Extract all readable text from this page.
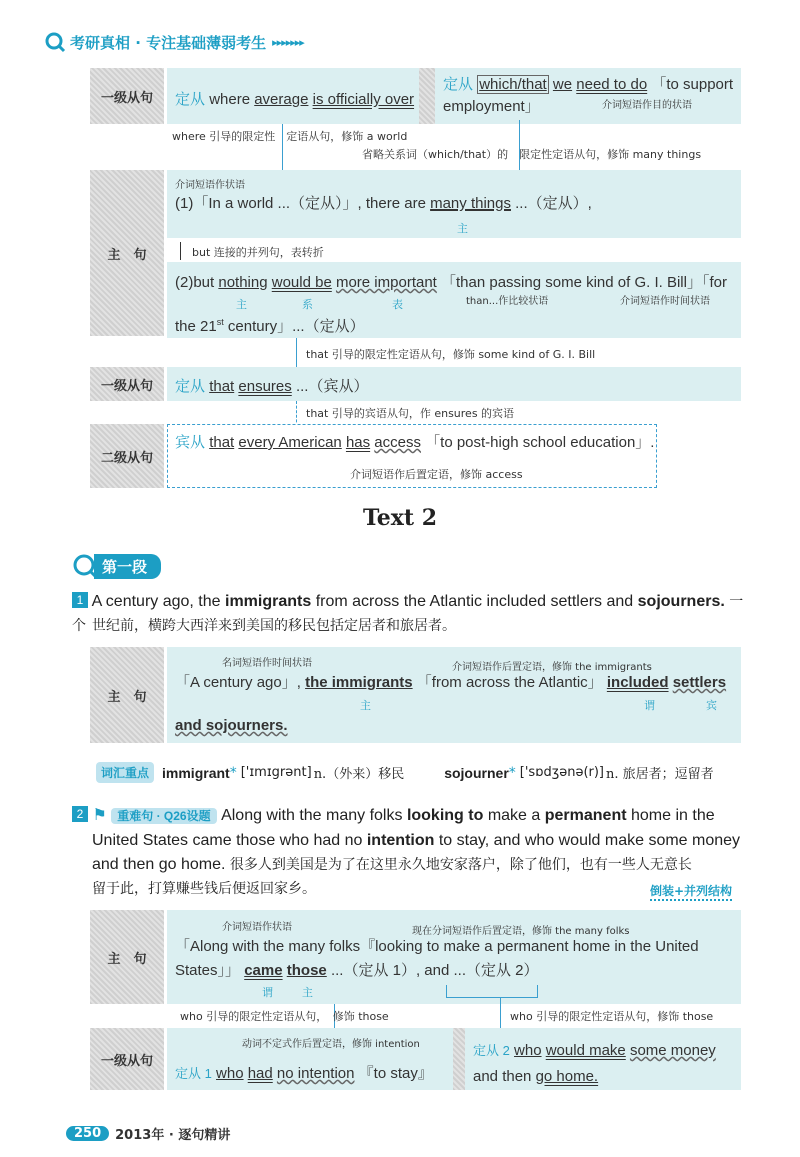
考研真相 · 专注基础薄弱考生 ▸▸▸▸▸▸▸
一级从句 定从 where average is officially over
定从 which/that we need to do 「to support employment」	介词短语作目的状语
where 引导的限定性　定语从句，修饰 a world
省略关系词（which/that）的　限定性定语从句，修饰 many things
主　句
介词短语作状语
(1)「In a world ...（定从）」, there are many things ...（定从）,
主
but 连接的并列句，表转折
(2)but nothing would be more important 「than passing some kind of G. I. Bill」「for
主	系	表	than...作比较状语	介词短语作时间状语
the 21st century」...（定从）
that 引导的限定性定语从句，修饰 some kind of G. I. Bill
一级从句 定从 that ensures ...（宾从）
that 引导的宾语从句，作 ensures 的宾语
二级从句
宾从 that every American has access 「to post-high school education」.
介词短语作后置定语，修饰 access
Text 2
第一段
1 A century ago, the immigrants from across the Atlantic included settlers and sojourners. 一个 世纪前，横跨大西洋来到美国的移民包括定居者和旅居者。
主　句
名词短语作时间状语	介词短语作后置定语，修饰 the immigrants
「A century ago」, the immigrants 「from across the Atlantic」 included settlers
主	谓	宾
and sojourners.
词汇重点 immigrant * ['ɪmɪgrənt] n.（外来）移民	sojourner * ['sɒdʒənə(r)] n. 旅居者；逗留者
2 ⚑ 重难句 · Q26设题 Along with the many folks looking to make a permanent home in the
United States came those who had no intention to stay, and who would make some money
and then go home. 很多人到美国是为了在这里永久地安家落户，除了他们，也有一些人无意长
留于此，打算赚些钱后便返回家乡。	倒装+并列结构
主　句
介词短语作状语	现在分词短语作后置定语，修饰 the many folks
「Along with the many folks『looking to make a permanent home in the United
States」」 came those ...（定从 1）, and ...（定从 2）
谓	主
who 引导的限定性定语从句，　修饰 those	who 引导的限定性定语从句，修饰 those
一级从句
动词不定式作后置定语，修饰 intention
定从 1 who had no intention 『to stay』
定从 2 who would make some money
and then go home.
250	2013年 · 逐句精讲
